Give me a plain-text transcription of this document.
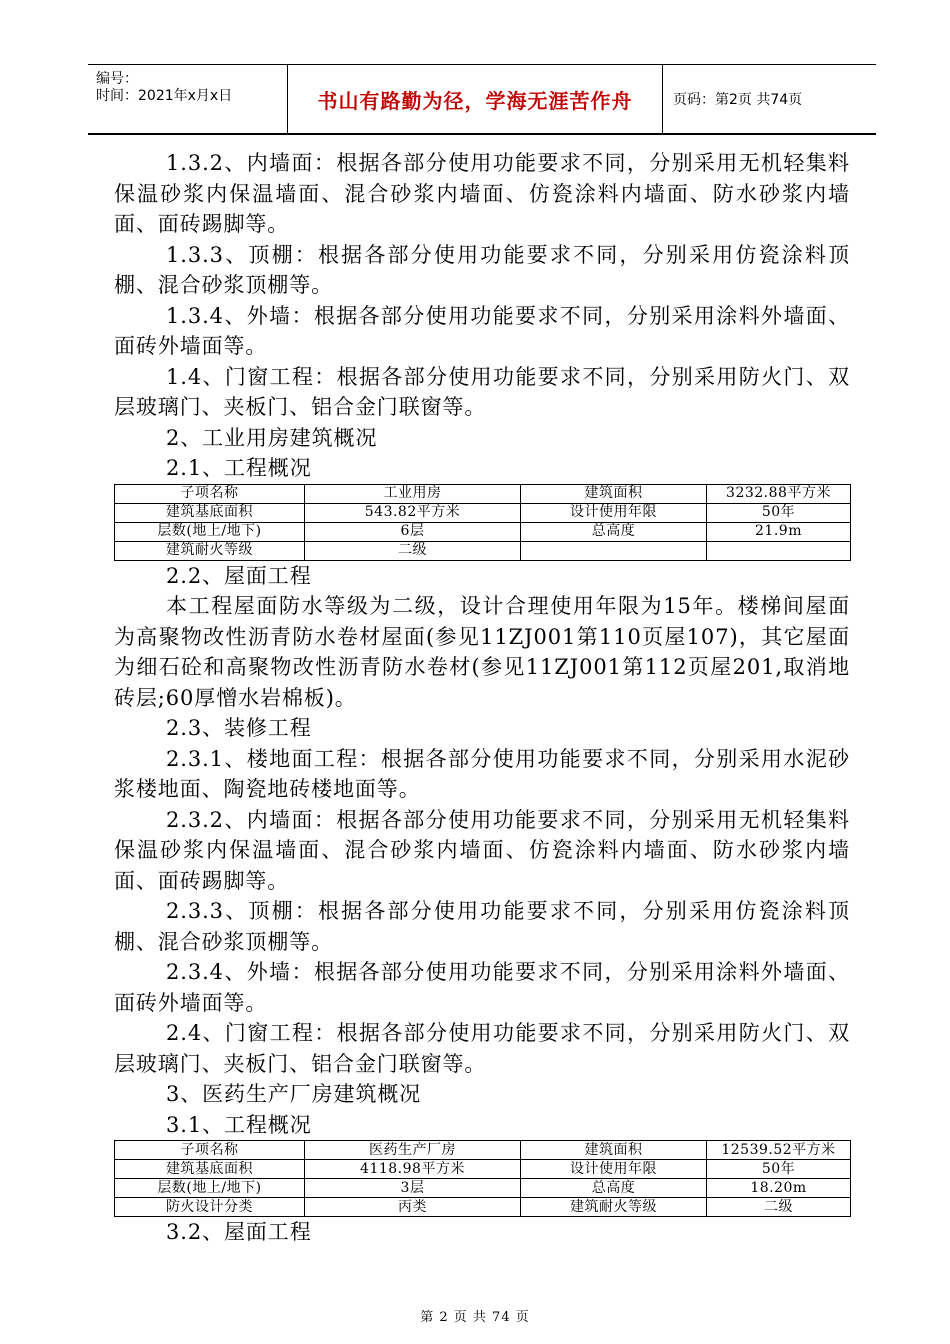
编号：
时间：2021年x月x日	书山有路勤为径，学海无涯苦作舟	页码：第2页 共74页

1.3.2、内墙面：根据各部分使用功能要求不同，分别采用无机轻集料保温砂浆内保温墙面、混合砂浆内墙面、仿瓷涂料内墙面、防水砂浆内墙面、面砖踢脚等。

1.3.3、顶棚：根据各部分使用功能要求不同，分别采用仿瓷涂料顶棚、混合砂浆顶棚等。

1.3.4、外墙：根据各部分使用功能要求不同，分别采用涂料外墙面、面砖外墙面等。

1.4、门窗工程：根据各部分使用功能要求不同，分别采用防火门、双层玻璃门、夹板门、铝合金门联窗等。

2、工业用房建筑概况

2.1、工程概况

子项名称	工业用房	建筑面积	3232.88平方米
建筑基底面积	543.82平方米	设计使用年限	50年
层数(地上/地下)	6层	总高度	21.9m
建筑耐火等级	二级		

2.2、屋面工程

本工程屋面防水等级为二级，设计合理使用年限为15年。楼梯间屋面为高聚物改性沥青防水卷材屋面(参见11ZJ001第110页屋107)，其它屋面为细石砼和高聚物改性沥青防水卷材(参见11ZJ001第112页屋201,取消地砖层;60厚憎水岩棉板)。

2.3、装修工程

2.3.1、楼地面工程：根据各部分使用功能要求不同，分别采用水泥砂浆楼地面、陶瓷地砖楼地面等。

2.3.2、内墙面：根据各部分使用功能要求不同，分别采用无机轻集料保温砂浆内保温墙面、混合砂浆内墙面、仿瓷涂料内墙面、防水砂浆内墙面、面砖踢脚等。

2.3.3、顶棚：根据各部分使用功能要求不同，分别采用仿瓷涂料顶棚、混合砂浆顶棚等。

2.3.4、外墙：根据各部分使用功能要求不同，分别采用涂料外墙面、面砖外墙面等。

2.4、门窗工程：根据各部分使用功能要求不同，分别采用防火门、双层玻璃门、夹板门、铝合金门联窗等。

3、医药生产厂房建筑概况

3.1、工程概况

子项名称	医药生产厂房	建筑面积	12539.52平方米
建筑基底面积	4118.98平方米	设计使用年限	50年
层数(地上/地下)	3层	总高度	18.20m
防火设计分类	丙类	建筑耐火等级	二级

3.2、屋面工程

第 2 页 共 74 页
